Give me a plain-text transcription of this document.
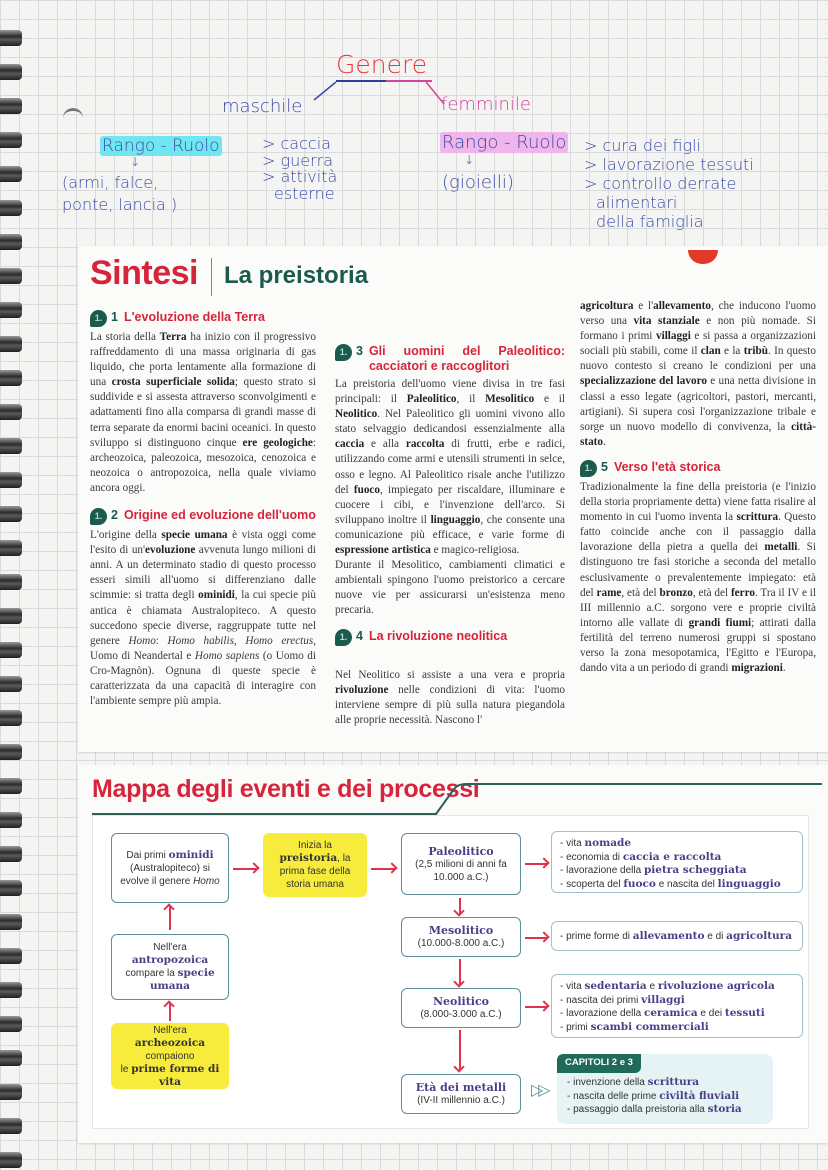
Genere
maschile	femminile
Rango - Ruolo	> caccia
> guerra
> attività
esterne
↓
(armi, falce,
ponte, lancia )
Rango - Ruolo > cura dei figli
> lavorazione tessuti
> controllo derrate
alimentari
della famiglia
↓
(gioielli)
Sintesi La preistoria
1. 1 L'evoluzione della Terra

La storia della Terra ha inizio con il progressivo raffreddamento di una massa originaria di gas liquido, che porta lentamente alla formazione di una crosta superficiale solida; questo strato si suddivide e si assesta attraverso sconvolgimenti e adattamenti fino alla comparsa di grandi masse di terra separate da enormi bacini oceanici. In questo sviluppo si distinguono cinque ere geologiche: archeozoica, paleozoica, mesozoica, cenozoica e neozoica o antropozoica, nella quale viviamo ancora oggi.

1. 2 Origine ed evoluzione dell'uomo

L'origine della specie umana è vista oggi come l'esito di un'evoluzione avvenuta lungo milioni di anni. A un determinato stadio di questo processo esseri simili all'uomo si differenziano dalle scimmie: si tratta degli ominidi, la cui specie più antica è chiamata Australopiteco. A questo succedono specie diverse, raggruppate tutte nel genere Homo: Homo habilis, Homo erectus, Uomo di Neandertal e Homo sapiens (o Uomo di Cro-Magnòn). Ognuna di queste specie è caratterizzata da una capacità di interagire con l'ambiente sempre più ampia.

1. 3 Gli uomini del Paleolitico: cacciatori e raccoglitori

La preistoria dell'uomo viene divisa in tre fasi principali: il Paleolitico, il Mesolitico e il Neolitico. Nel Paleolitico gli uomini vivono allo stato selvaggio dedicandosi essenzialmente alla caccia e alla raccolta di frutti, erbe e radici, utilizzando come armi e utensili strumenti in selce, osso e legno. Al Paleolitico risale anche l'utilizzo del fuoco, impiegato per riscaldare, illuminare e cuocere i cibi, e l'invenzione dell'arco. Si sviluppano inoltre il linguaggio, che consente una comunicazione più efficace, e varie forme di espressione artistica e magico-religiosa.

Durante il Mesolitico, cambiamenti climatici e ambientali spingono l'uomo preistorico a cercare nuove vie per assicurarsi un'esistenza meno precaria.

1. 4 La rivoluzione neolitica

Nel Neolitico si assiste a una vera e propria rivoluzione nelle condizioni di vita: l'uomo interviene sempre di più sulla natura piegandola alle proprie necessità. Nascono l'

agricoltura e l'allevamento, che inducono l'uomo verso una vita stanziale e non più nomade. Si formano i primi villaggi e si passa a organizzazioni sociali più stabili, come il clan e la tribù. In questo nuovo contesto si creano le condizioni per una specializzazione del lavoro e una netta divisione in classi a esso legate (agricoltori, pastori, mercanti, artigiani). Si supera così l'organizzazione tribale e sorge un nuovo modello di convivenza, la città-stato.

1. 5 Verso l'età storica

Tradizionalmente la fine della preistoria (e l'inizio della storia propriamente detta) viene fatta risalire al momento in cui l'uomo inventa la scrittura. Questo fatto coincide anche con il passaggio dalla lavorazione della pietra a quella dei metalli. Si distinguono tre fasi storiche a seconda del metallo esclusivamente o prevalentemente impiegato: età del rame, età del bronzo, età del ferro. Tra il IV e il III millennio a.C. sorgono vere e proprie civiltà intorno alle vallate di grandi fiumi; attirati dalla fertilità del terreno numerosi gruppi si spostano verso la zona mesopotamica, l'Egitto e l'Europa, dando vita a un periodo di grandi migrazioni.

Mappa degli eventi e dei processi
Dai primi ominidi
(Australopiteco) si
evolve il genere Homo
Inizia la
preistoria, la
prima fase della
storia umana
Nell'era
antropozoica
compare la specie
umana
Nell'era archeozoica
compaiono
le prime forme di
vita
Paleolitico
(2,5 milioni di anni fa
10.000 a.C.)
Mesolitico
(10.000-8.000 a.C.)
Neolitico
(8.000-3.000 a.C.)
Età dei metalli
(IV-II millennio a.C.)
- vita nomade
- economia di caccia e raccolta
- lavorazione della pietra scheggiata
- scoperta del fuoco e nascita del linguaggio
- prime forme di allevamento e di agricoltura
- vita sedentaria e rivoluzione agricola
- nascita dei primi villaggi
- lavorazione della ceramica e dei tessuti
- primi scambi commerciali
▷▷
CAPITOLI 2 e 3
- invenzione della scrittura
- nascita delle prime civiltà fluviali
- passaggio dalla preistoria alla storia
